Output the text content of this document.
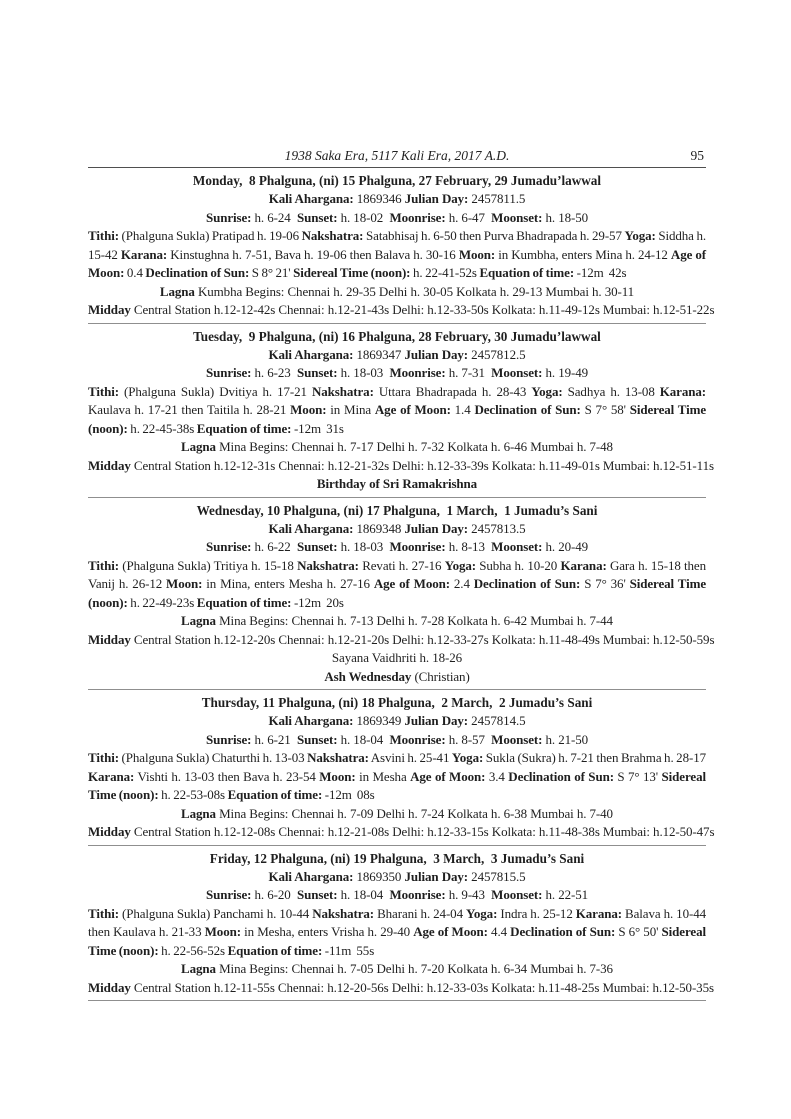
1938 Saka Era, 5117 Kali Era, 2017 A.D.	95
Monday,  8 Phalguna, (ni) 15 Phalguna, 27 February, 29 Jumadu’lawwal

Kali Ahargana: 1869346 Julian Day: 2457811.5

Sunrise: h. 6-24  Sunset: h. 18-02  Moonrise: h. 6-47  Moonset: h. 18-50

Tithi: (Phalguna Sukla) Pratipad h. 19-06 Nakshatra: Satabhisaj h. 6-50 then Purva Bhadrapada h. 29-57 Yoga: Siddha h. 15-42 Karana: Kinstughna h. 7-51, Bava h. 19-06 then Balava h. 30-16 Moon: in Kumbha, enters Mina h. 24-12 Age of Moon: 0.4 Declination of Sun: S 8° 21' Sidereal Time (noon): h. 22-41-52s Equation of time: -12m  42s

Lagna Kumbha Begins: Chennai h. 29-35 Delhi h. 30-05 Kolkata h. 29-13 Mumbai h. 30-11

Midday Central Station h.12-12-42s Chennai: h.12-21-43s Delhi: h.12-33-50s Kolkata: h.11-49-12s Mumbai: h.12-51-22s

Tuesday,  9 Phalguna, (ni) 16 Phalguna, 28 February, 30 Jumadu’lawwal

Kali Ahargana: 1869347 Julian Day: 2457812.5

Sunrise: h. 6-23  Sunset: h. 18-03  Moonrise: h. 7-31  Moonset: h. 19-49

Tithi: (Phalguna Sukla) Dvitiya h. 17-21 Nakshatra: Uttara Bhadrapada h. 28-43 Yoga: Sadhya h. 13-08 Karana: Kaulava h. 17-21 then Taitila h. 28-21 Moon: in Mina Age of Moon: 1.4 Declination of Sun: S 7° 58' Sidereal Time (noon): h. 22-45-38s Equation of time: -12m  31s

Lagna Mina Begins: Chennai h. 7-17 Delhi h. 7-32 Kolkata h. 6-46 Mumbai h. 7-48

Midday Central Station h.12-12-31s Chennai: h.12-21-32s Delhi: h.12-33-39s Kolkata: h.11-49-01s Mumbai: h.12-51-11s

Birthday of Sri Ramakrishna

Wednesday, 10 Phalguna, (ni) 17 Phalguna,  1 March,  1 Jumadu’s Sani

Kali Ahargana: 1869348 Julian Day: 2457813.5

Sunrise: h. 6-22  Sunset: h. 18-03  Moonrise: h. 8-13  Moonset: h. 20-49

Tithi: (Phalguna Sukla) Tritiya h. 15-18 Nakshatra: Revati h. 27-16 Yoga: Subha h. 10-20 Karana: Gara h. 15-18 then Vanij h. 26-12 Moon: in Mina, enters Mesha h. 27-16 Age of Moon: 2.4 Declination of Sun: S 7° 36' Sidereal Time (noon): h. 22-49-23s Equation of time: -12m  20s

Lagna Mina Begins: Chennai h. 7-13 Delhi h. 7-28 Kolkata h. 6-42 Mumbai h. 7-44

Midday Central Station h.12-12-20s Chennai: h.12-21-20s Delhi: h.12-33-27s Kolkata: h.11-48-49s Mumbai: h.12-50-59s

Sayana Vaidhriti h. 18-26

Ash Wednesday (Christian)

Thursday, 11 Phalguna, (ni) 18 Phalguna,  2 March,  2 Jumadu’s Sani

Kali Ahargana: 1869349 Julian Day: 2457814.5

Sunrise: h. 6-21  Sunset: h. 18-04  Moonrise: h. 8-57  Moonset: h. 21-50

Tithi: (Phalguna Sukla) Chaturthi h. 13-03 Nakshatra: Asvini h. 25-41 Yoga: Sukla (Sukra) h. 7-21 then Brahma h. 28-17 Karana: Vishti h. 13-03 then Bava h. 23-54 Moon: in Mesha Age of Moon: 3.4 Declination of Sun: S 7° 13' Sidereal Time (noon): h. 22-53-08s Equation of time: -12m  08s

Lagna Mina Begins: Chennai h. 7-09 Delhi h. 7-24 Kolkata h. 6-38 Mumbai h. 7-40

Midday Central Station h.12-12-08s Chennai: h.12-21-08s Delhi: h.12-33-15s Kolkata: h.11-48-38s Mumbai: h.12-50-47s

Friday, 12 Phalguna, (ni) 19 Phalguna,  3 March,  3 Jumadu’s Sani

Kali Ahargana: 1869350 Julian Day: 2457815.5

Sunrise: h. 6-20  Sunset: h. 18-04  Moonrise: h. 9-43  Moonset: h. 22-51

Tithi: (Phalguna Sukla) Panchami h. 10-44 Nakshatra: Bharani h. 24-04 Yoga: Indra h. 25-12 Karana: Balava h. 10-44 then Kaulava h. 21-33 Moon: in Mesha, enters Vrisha h. 29-40 Age of Moon: 4.4 Declination of Sun: S 6° 50' Sidereal Time (noon): h. 22-56-52s Equation of time: -11m  55s

Lagna Mina Begins: Chennai h. 7-05 Delhi h. 7-20 Kolkata h. 6-34 Mumbai h. 7-36

Midday Central Station h.12-11-55s Chennai: h.12-20-56s Delhi: h.12-33-03s Kolkata: h.11-48-25s Mumbai: h.12-50-35s
